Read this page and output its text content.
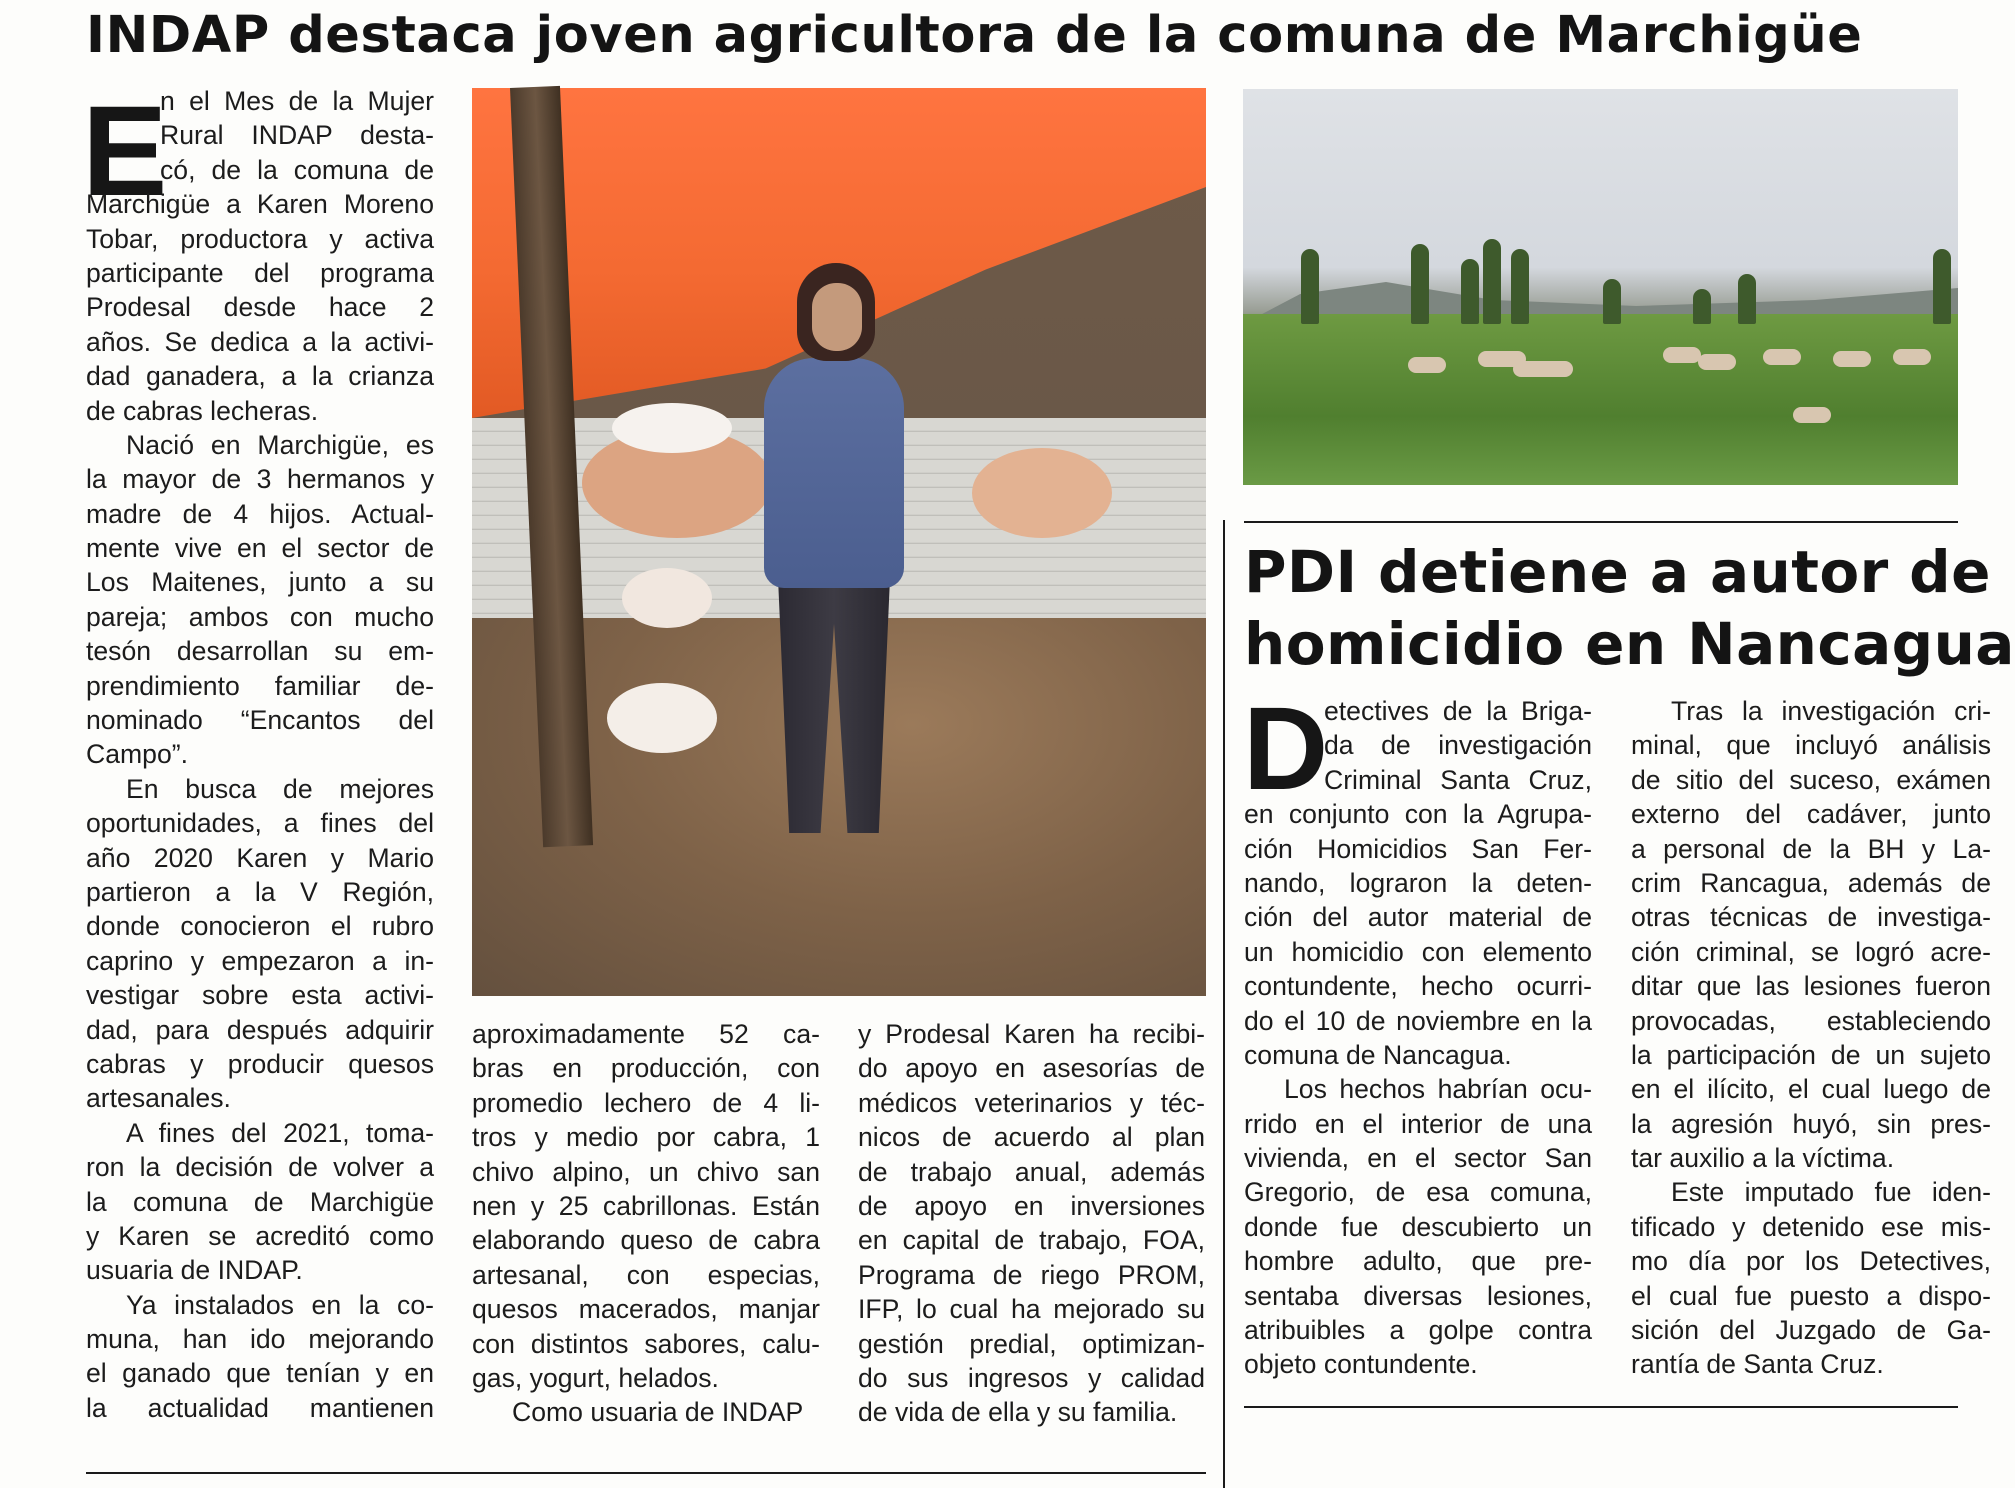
INDAP destaca joven agricultora de la comuna de Marchigüe
E
n el Mes de la Mujer
Rural INDAP desta-
có, de la comuna de
Marchigüe a Karen Moreno
Tobar, productora y activa
participante del programa
Prodesal desde hace 2
años. Se dedica a la activi-
dad ganadera, a la crianza
de cabras lecheras.
Nació en Marchigüe, es
la mayor de 3 hermanos y
madre de 4 hijos. Actual-
mente vive en el sector de
Los Maitenes, junto a su
pareja; ambos con mucho
tesón desarrollan su em-
prendimiento familiar de-
nominado “Encantos del
Campo”.
En busca de mejores
oportunidades, a fines del
año 2020 Karen y Mario
partieron a la V Región,
donde conocieron el rubro
caprino y empezaron a in-
vestigar sobre esta activi-
dad, para después adquirir
cabras y producir quesos
artesanales.
A fines del 2021, toma-
ron la decisión de volver a
la comuna de Marchigüe
y Karen se acreditó como
usuaria de INDAP.
Ya instalados en la co-
muna, han ido mejorando
el ganado que tenían y en
la actualidad mantienen
aproximadamente 52 ca-
bras en producción, con
promedio lechero de 4 li-
tros y medio por cabra, 1
chivo alpino, un chivo san
nen y 25 cabrillonas. Están
elaborando queso de cabra
artesanal, con especias,
quesos macerados, manjar
con distintos sabores, calu-
gas, yogurt, helados.
Como usuaria de INDAP
y Prodesal Karen ha recibi-
do apoyo en asesorías de
médicos veterinarios y téc-
nicos de acuerdo al plan
de trabajo anual, además
de apoyo en inversiones
en capital de trabajo, FOA,
Programa de riego PROM,
IFP, lo cual ha mejorado su
gestión predial, optimizan-
do sus ingresos y calidad
de vida de ella y su familia.
PDI detiene a autor de
homicidio en Nancagua
D
etectives de la Briga-
da de investigación
Criminal Santa Cruz,
en conjunto con la Agrupa-
ción Homicidios San Fer-
nando, lograron la deten-
ción del autor material de
un homicidio con elemento
contundente, hecho ocurri-
do el 10 de noviembre en la
comuna de Nancagua.
Los hechos habrían ocu-
rrido en el interior de una
vivienda, en el sector San
Gregorio, de esa comuna,
donde fue descubierto un
hombre adulto, que pre-
sentaba diversas lesiones,
atribuibles a golpe contra
objeto contundente.
Tras la investigación cri-
minal, que incluyó análisis
de sitio del suceso, exámen
externo del cadáver, junto
a personal de la BH y La-
crim Rancagua, además de
otras técnicas de investiga-
ción criminal, se logró acre-
ditar que las lesiones fueron
provocadas, estableciendo
la participación de un sujeto
en el ilícito, el cual luego de
la agresión huyó, sin pres-
tar auxilio a la víctima.
Este imputado fue iden-
tificado y detenido ese mis-
mo día por los Detectives,
el cual fue puesto a dispo-
sición del Juzgado de Ga-
rantía de Santa Cruz.
